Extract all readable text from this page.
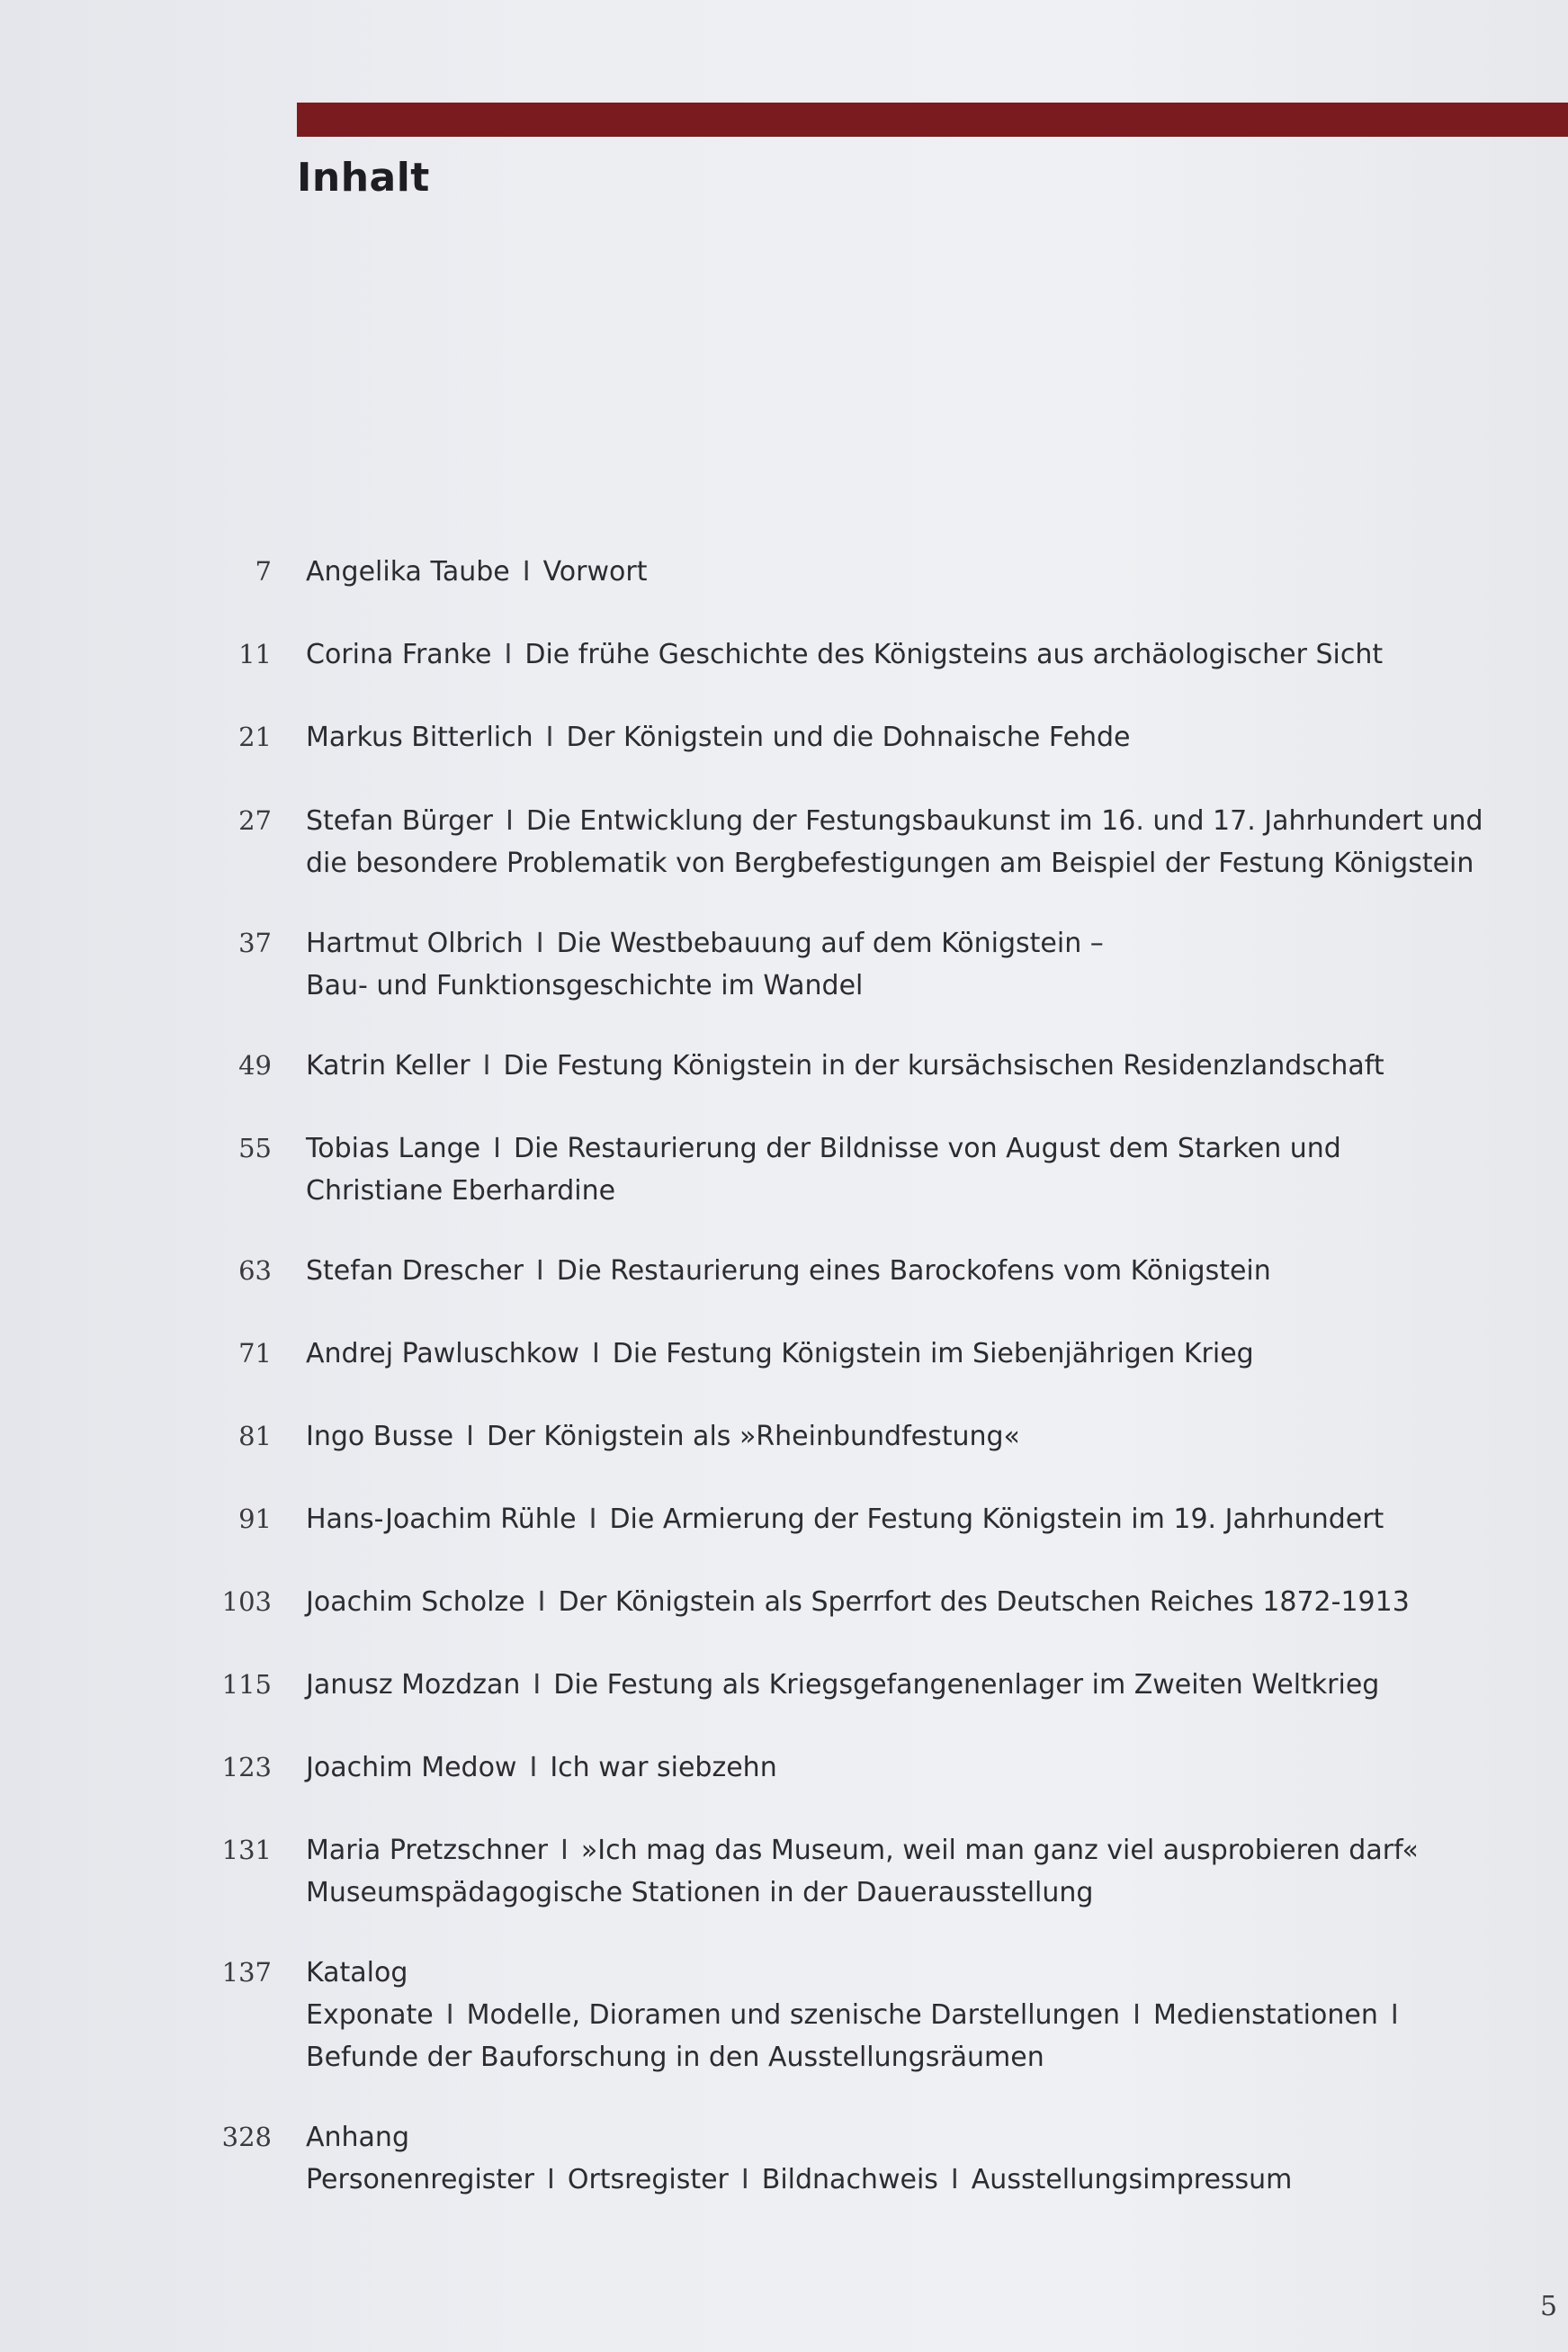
Inhalt
7 Angelika Taube I Vorwort
11 Corina Franke I Die frühe Geschichte des Königsteins aus archäologischer Sicht
21 Markus Bitterlich I Der Königstein und die Dohnaische Fehde
27 Stefan Bürger I Die Entwicklung der Festungsbaukunst im 16. und 17. Jahrhundert und
die besondere Problematik von Bergbefestigungen am Beispiel der Festung Königstein
37 Hartmut Olbrich I Die Westbebauung auf dem Königstein –
Bau- und Funktionsgeschichte im Wandel
49 Katrin Keller I Die Festung Königstein in der kursächsischen Residenzlandschaft
55 Tobias Lange I Die Restaurierung der Bildnisse von August dem Starken und
Christiane Eberhardine
63 Stefan Drescher I Die Restaurierung eines Barockofens vom Königstein
71 Andrej Pawluschkow I Die Festung Königstein im Siebenjährigen Krieg
81 Ingo Busse I Der Königstein als »Rheinbundfestung«
91 Hans-Joachim Rühle I Die Armierung der Festung Königstein im 19. Jahrhundert
103 Joachim Scholze I Der Königstein als Sperrfort des Deutschen Reiches 1872-1913
115 Janusz Mozdzan I Die Festung als Kriegsgefangenenlager im Zweiten Weltkrieg
123 Joachim Medow I Ich war siebzehn
131 Maria Pretzschner I »Ich mag das Museum, weil man ganz viel ausprobieren darf«
Museumspädagogische Stationen in der Dauerausstellung
137 Katalog
Exponate I Modelle, Dioramen und szenische Darstellungen I Medienstationen I
Befunde der Bauforschung in den Ausstellungsräumen
328 Anhang
Personenregister I Ortsregister I Bildnachweis I Ausstellungsimpressum
5
